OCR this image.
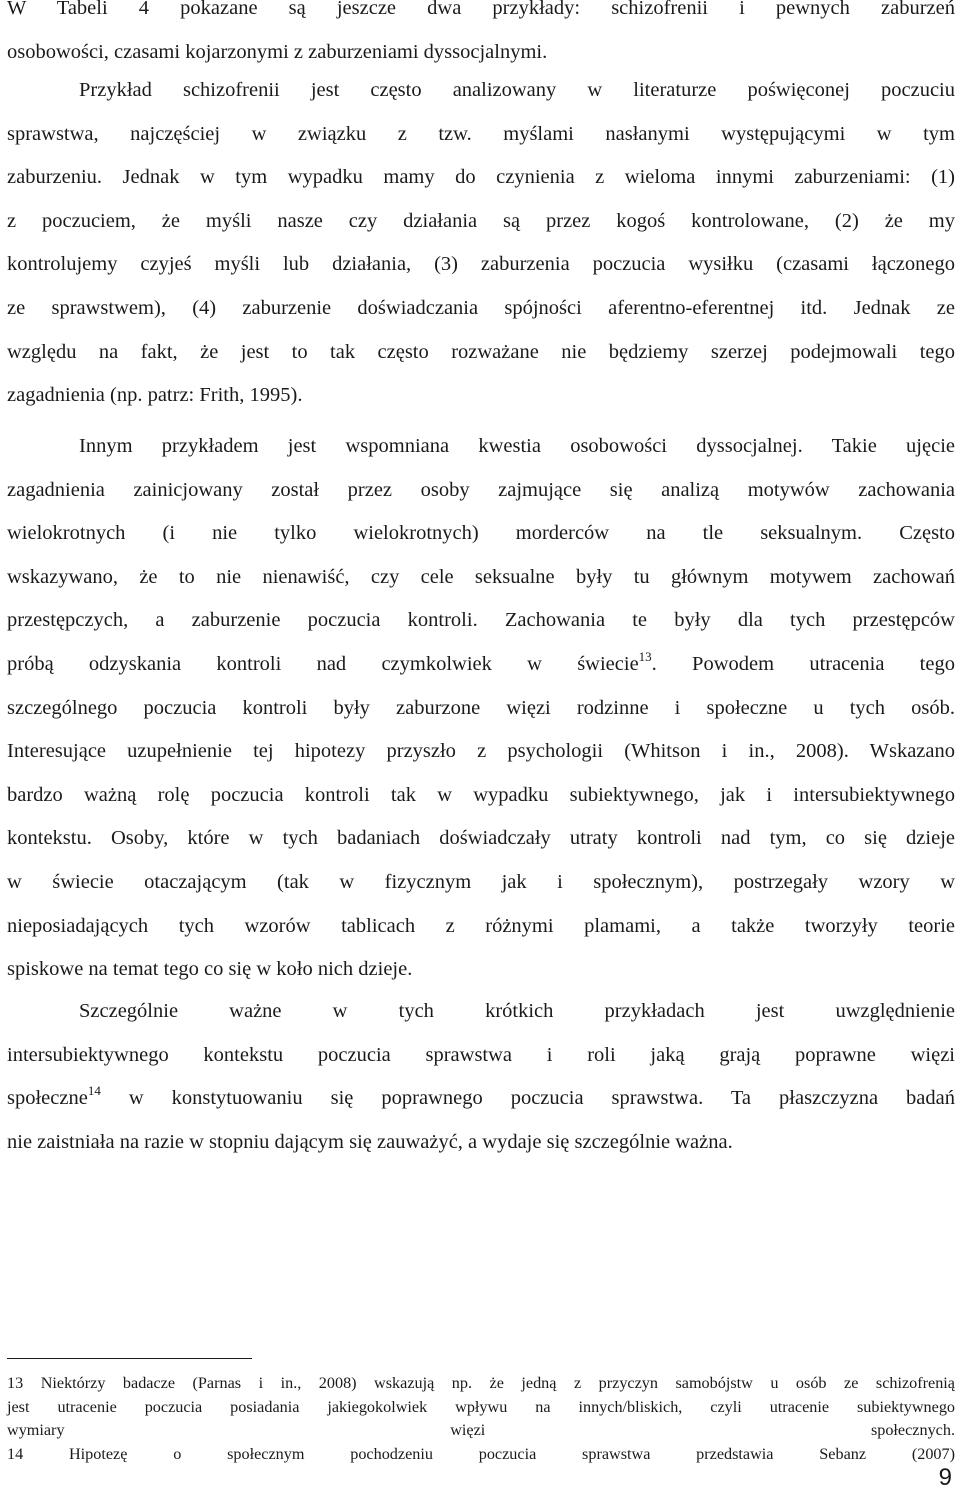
W Tabeli 4 pokazane są jeszcze dwa przykłady: schizofrenii i pewnych zaburzeń
osobowości, czasami kojarzonymi z zaburzeniami dyssocjalnymi.
Przykład schizofrenii jest często analizowany w literaturze poświęconej poczuciu
sprawstwa, najczęściej w związku z tzw. myślami nasłanymi występującymi w tym
zaburzeniu. Jednak w tym wypadku mamy do czynienia z wieloma innymi zaburzeniami: (1)
z poczuciem, że myśli nasze czy działania są przez kogoś kontrolowane, (2) że my
kontrolujemy czyjeś myśli lub działania, (3) zaburzenia poczucia wysiłku (czasami łączonego
ze sprawstwem), (4) zaburzenie doświadczania spójności aferentno-eferentnej itd. Jednak ze
względu na fakt, że jest to tak często rozważane nie będziemy szerzej podejmowali tego
zagadnienia (np. patrz: Frith, 1995).
Innym przykładem jest wspomniana kwestia osobowości dyssocjalnej. Takie ujęcie
zagadnienia zainicjowany został przez osoby zajmujące się analizą motywów zachowania
wielokrotnych (i nie tylko wielokrotnych) morderców na tle seksualnym. Często
wskazywano, że to nie nienawiść, czy cele seksualne były tu głównym motywem zachowań
przestępczych, a zaburzenie poczucia kontroli. Zachowania te były dla tych przestępców
próbą odzyskania kontroli nad czymkolwiek w świecie$^{13}$. Powodem utracenia tego
szczególnego poczucia kontroli były zaburzone więzi rodzinne i społeczne u tych osób.
Interesujące uzupełnienie tej hipotezy przyszło z psychologii (Whitson i in., 2008). Wskazano
bardzo ważną rolę poczucia kontroli tak w wypadku subiektywnego, jak i intersubiektywnego
kontekstu. Osoby, które w tych badaniach doświadczały utraty kontroli nad tym, co się dzieje
w świecie otaczającym (tak w fizycznym jak i społecznym), postrzegały wzory w
nieposiadających tych wzorów tablicach z różnymi plamami, a także tworzyły teorie
spiskowe na temat tego co się w koło nich dzieje.
Szczególnie ważne w tych krótkich przykładach jest uwzględnienie
intersubiektywnego kontekstu poczucia sprawstwa i roli jaką grają poprawne więzi
społeczne$^{14}$ w konstytuowaniu się poprawnego poczucia sprawstwa. Ta płaszczyzna badań
nie zaistniała na razie w stopniu dającym się zauważyć, a wydaje się szczególnie ważna.
13 Niektórzy badacze (Parnas i in., 2008) wskazują np. że jedną z przyczyn samobójstw u osób ze schizofrenią
jest utracenie poczucia posiadania jakiegokolwiek wpływu na innych/bliskich, czyli utracenie subiektywnego
wymiary więzi społecznych.
14 Hipotezę o społecznym pochodzeniu poczucia sprawstwa przedstawia Sebanz (2007)
9
